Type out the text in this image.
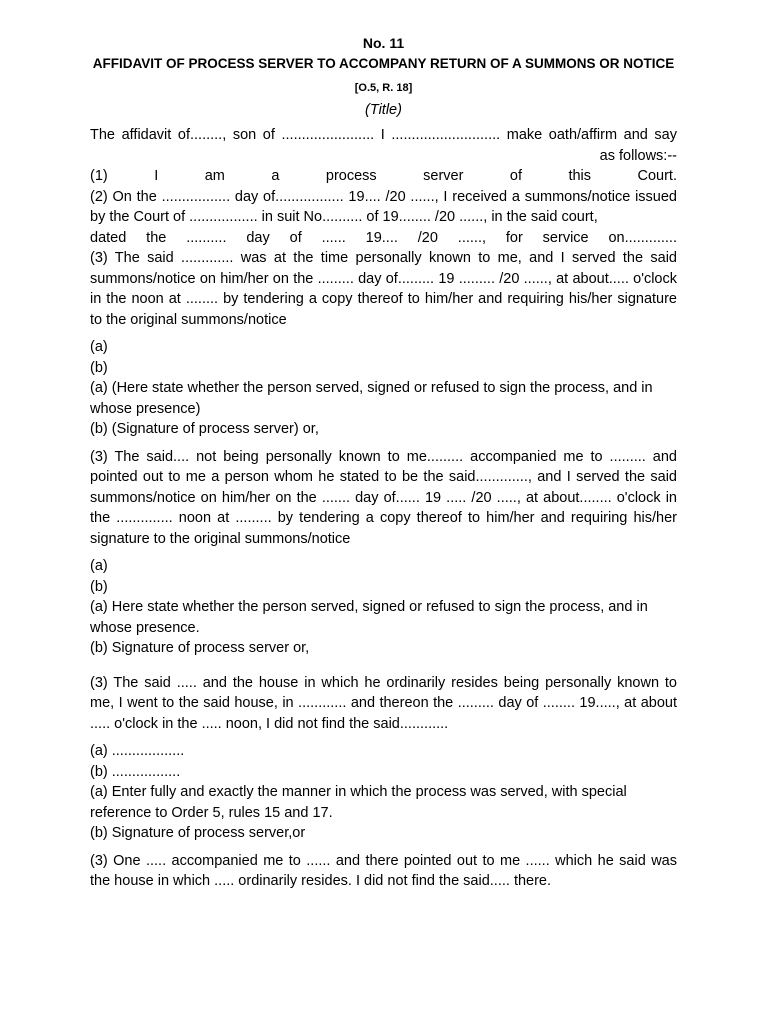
No. 11

AFFIDAVIT OF PROCESS SERVER TO ACCOMPANY RETURN OF A SUMMONS OR NOTICE

[O.5, R. 18]

(Title)

The affidavit of........, son of ....................... I ........................... make oath/affirm and say

as follows:--

(1) I am a process server of this Court.

(2) On the ................. day of................. 19.... /20 ......, I received a summons/notice issued by the Court of ................. in suit No.......... of 19........ /20 ......, in the said court,

dated the .......... day of ...... 19.... /20 ......, for service on.............

(3) The said ............. was at the time personally known to me, and I served the said summons/notice on him/her on the ......... day of......... 19 ......... /20 ......, at about..... o'clock in the noon at ........ by tendering a copy thereof to him/her and requiring his/her signature to the original summons/notice

(a)

(b)

(a) (Here state whether the person served, signed or refused to sign the process, and in whose presence)

(b) (Signature of process server) or,

(3) The said.... not being personally known to me......... accompanied me to ......... and pointed out to me a person whom he stated to be the said............., and I served the said summons/notice on him/her on the ....... day of...... 19 ..... /20 ....., at about........ o'clock in the .............. noon at ......... by tendering a copy thereof to him/her and requiring his/her signature to the original summons/notice

(a)

(b)

(a) Here state whether the person served, signed or refused to sign the process, and in whose presence.

(b) Signature of process server or,

(3) The said ..... and the house in which he ordinarily resides being personally known to me, I went to the said house, in ............ and thereon the ......... day of ........ 19....., at about ..... o'clock in the ..... noon, I did not find the said............

(a) ..................

(b) .................

(a) Enter fully and exactly the manner in which the process was served, with special reference to Order 5, rules 15 and 17.

(b) Signature of process server,or

(3) One ..... accompanied me to ...... and there pointed out to me ...... which he said was the house in which ..... ordinarily resides. I did not find the said..... there.
